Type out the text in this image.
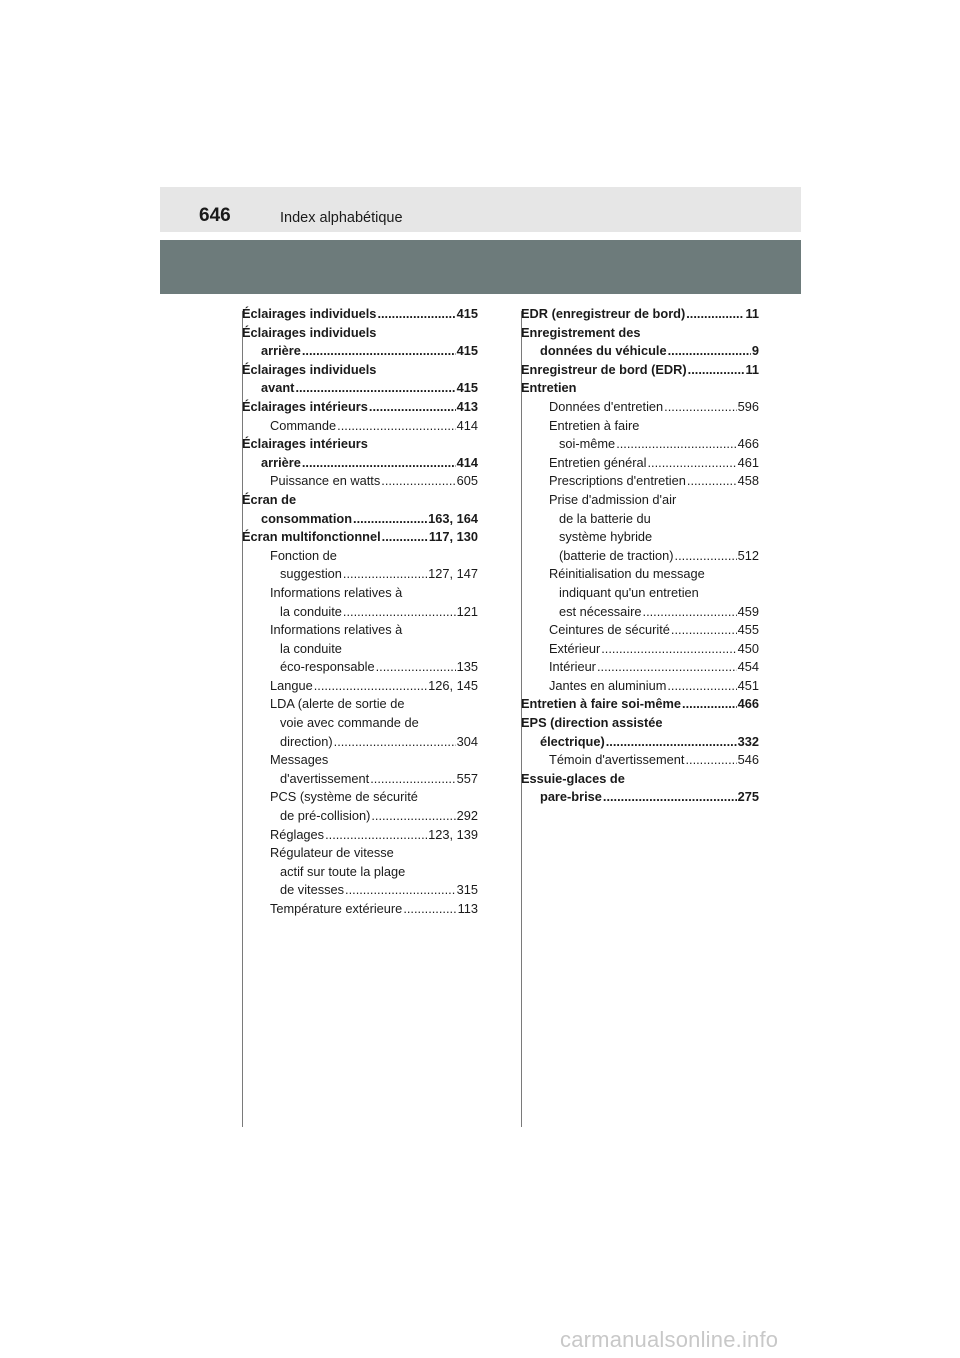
646	Index alphabétique
Éclairages individuels .....	415
Éclairages individuels
arrière .....	415
Éclairages individuels
avant .....	415
Éclairages intérieurs .....	413
Commande .....	414
Éclairages intérieurs
arrière .....	414
Puissance en watts .....	605
Écran de
consommation .....	163, 164
Écran multifonctionnel .....	117, 130
Fonction de
suggestion .....	127, 147
Informations relatives à
la conduite .....	121
Informations relatives à
la conduite
éco-responsable .....	135
Langue .....	126, 145
LDA (alerte de sortie de
voie avec commande de
direction) .....	304
Messages
d'avertissement .....	557
PCS (système de sécurité
de pré-collision) .....	292
Réglages .....	123, 139
Régulateur de vitesse
actif sur toute la plage
de vitesses .....	315
Température extérieure .....	113
EDR (enregistreur de bord) .....	11
Enregistrement des
données du véhicule .....	9
Enregistreur de bord (EDR) .....	11
Entretien
Données d'entretien .....	596
Entretien à faire
soi-même .....	466
Entretien général .....	461
Prescriptions d'entretien .....	458
Prise d'admission d'air
de la batterie du
système hybride
(batterie de traction) .....	512
Réinitialisation du message
indiquant qu'un entretien
est nécessaire .....	459
Ceintures de sécurité .....	455
Extérieur .....	450
Intérieur .....	454
Jantes en aluminium .....	451
Entretien à faire soi-même .....	466
EPS (direction assistée
électrique) .....	332
Témoin d'avertissement .....	546
Essuie-glaces de
pare-brise .....	275
carmanualsonline.info
